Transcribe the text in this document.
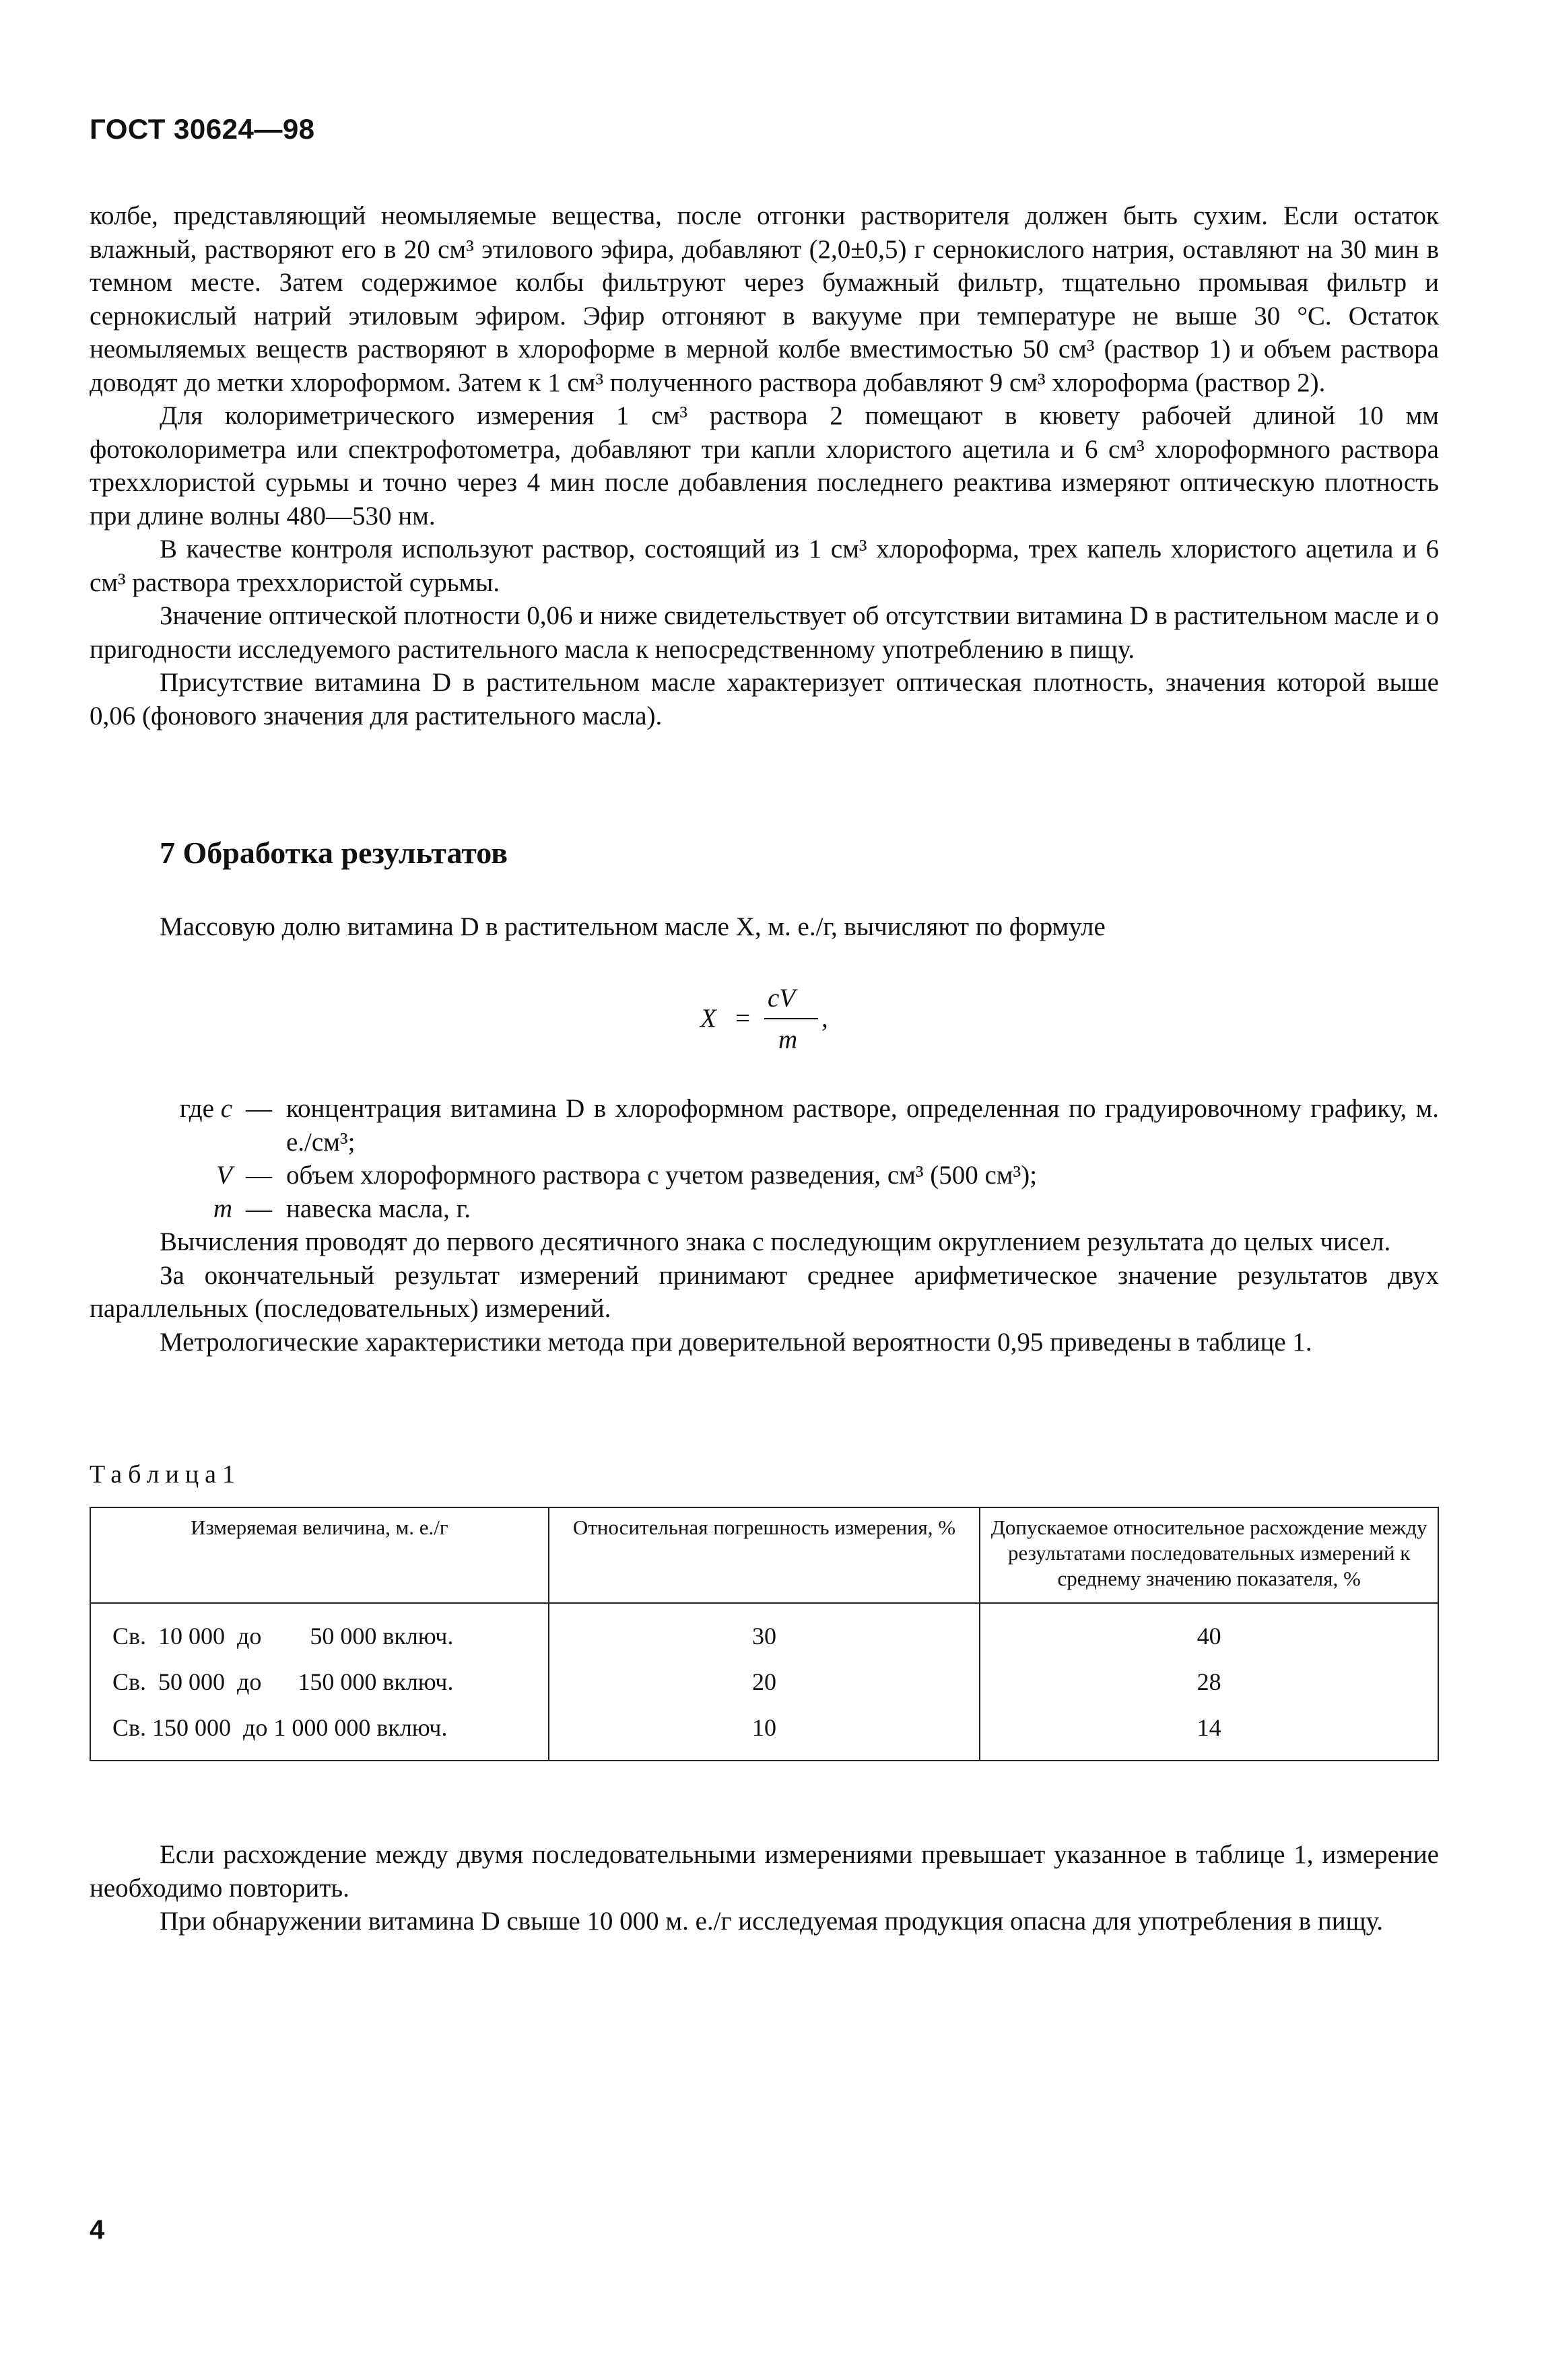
ГОСТ 30624—98

колбе, представляющий неомыляемые вещества, после отгонки растворителя должен быть сухим. Если остаток влажный, растворяют его в 20 см³ этилового эфира, добавляют (2,0±0,5) г сернокислого натрия, оставляют на 30 мин в темном месте. Затем содержимое колбы фильтруют через бумажный фильтр, тщательно промывая фильтр и сернокислый натрий этиловым эфиром. Эфир отгоняют в вакууме при температуре не выше 30 °С. Остаток неомыляемых веществ растворяют в хлороформе в мерной колбе вместимостью 50 см³ (раствор 1) и объем раствора доводят до метки хлороформом. Затем к 1 см³ полученного раствора добавляют 9 см³ хлороформа (раствор 2).

Для колориметрического измерения 1 см³ раствора 2 помещают в кювету рабочей длиной 10 мм фотоколориметра или спектрофотометра, добавляют три капли хлористого ацетила и 6 см³ хлороформного раствора треххлористой сурьмы и точно через 4 мин после добавления последнего реактива измеряют оптическую плотность при длине волны 480—530 нм.

В качестве контроля используют раствор, состоящий из 1 см³ хлороформа, трех капель хлористого ацетила и 6 см³ раствора треххлористой сурьмы.

Значение оптической плотности 0,06 и ниже свидетельствует об отсутствии витамина D в растительном масле и о пригодности исследуемого растительного масла к непосредственному употреблению в пищу.

Присутствие витамина D в растительном масле характеризует оптическая плотность, значения которой выше 0,06 (фонового значения для растительного масла).

7 Обработка результатов

Массовую долю витамина D в растительном масле X, м. е./г, вычисляют по формуле

X =
cV
m
,
где c — концентрация витамина D в хлороформном растворе, определенная по градуировочному графику, м. е./см³;
V — объем хлороформного раствора с учетом разведения, см³ (500 см³);
m — навеска масла, г.

Вычисления проводят до первого десятичного знака с последующим округлением результата до целых чисел.

За окончательный результат измерений принимают среднее арифметическое значение результатов двух параллельных (последовательных) измерений.

Метрологические характеристики метода при доверительной вероятности 0,95 приведены в таблице 1.

Таблица1
Измеряемая величина, м. е./г	Относительная погрешность измерения, %	Допускаемое относительное расхождение между результатами последовательных измерений к среднему значению показателя, %
Св.  10 000  до        50 000 включ.	30	40
Св.  50 000  до      150 000 включ.	20	28
Св. 150 000  до 1 000 000 включ.	10	14

Если расхождение между двумя последовательными измерениями превышает указанное в таблице 1, измерение необходимо повторить.

При обнаружении витамина D свыше 10 000 м. е./г исследуемая продукция опасна для употребления в пищу.

4
